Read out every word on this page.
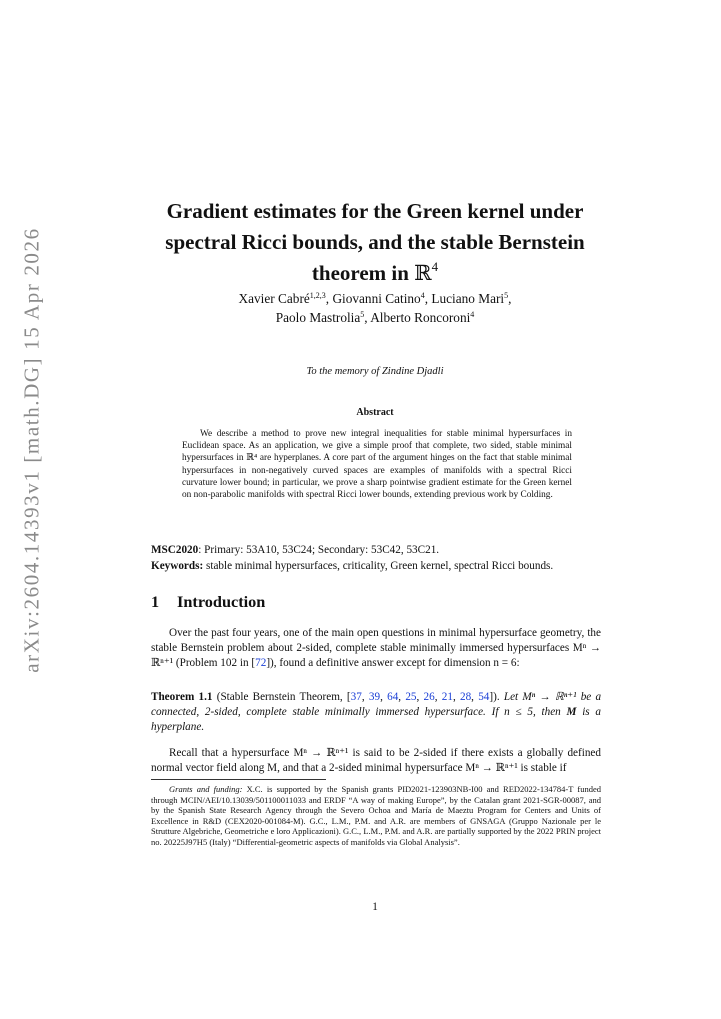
arXiv:2604.14393v1 [math.DG] 15 Apr 2026
Gradient estimates for the Green kernel under
spectral Ricci bounds, and the stable Bernstein
theorem in ℝ$^4$
Xavier Cabré$^{1,2,3}$, Giovanni Catino$^4$, Luciano Mari$^5$,
Paolo Mastrolia$^5$, Alberto Roncoroni$^4$
To the memory of Zindine Djadli
Abstract
We describe a method to prove new integral inequalities for stable minimal hypersurfaces in Euclidean space. As an application, we give a simple proof that complete, two sided, stable minimal hypersurfaces in ℝ⁴ are hyperplanes. A core part of the argument hinges on the fact that stable minimal hypersurfaces in non-negatively curved spaces are examples of manifolds with a spectral Ricci curvature lower bound; in particular, we prove a sharp pointwise gradient estimate for the Green kernel on non-parabolic manifolds with spectral Ricci lower bounds, extending previous work by Colding.
MSC2020: Primary: 53A10, 53C24; Secondary: 53C42, 53C21.
Keywords: stable minimal hypersurfaces, criticality, Green kernel, spectral Ricci bounds.
1 Introduction
Over the past four years, one of the main open questions in minimal hypersurface geometry, the stable Bernstein problem about 2-sided, complete stable minimally immersed hypersurfaces Mⁿ → ℝⁿ⁺¹ (Problem 102 in [72]), found a definitive answer except for dimension n = 6:
Theorem 1.1 (Stable Bernstein Theorem, [37, 39, 64, 25, 26, 21, 28, 54]). Let Mⁿ → ℝⁿ⁺¹ be a connected, 2-sided, complete stable minimally immersed hypersurface. If n ≤ 5, then M is a hyperplane.
Recall that a hypersurface Mⁿ → ℝⁿ⁺¹ is said to be 2-sided if there exists a globally defined normal vector field along M, and that a 2-sided minimal hypersurface Mⁿ → ℝⁿ⁺¹ is stable if
Grants and funding: X.C. is supported by the Spanish grants PID2021-123903NB-I00 and RED2022-134784-T funded through MCIN/AEI/10.13039/501100011033 and ERDF “A way of making Europe”, by the Catalan grant 2021-SGR-00087, and by the Spanish State Research Agency through the Severo Ochoa and María de Maeztu Program for Centers and Units of Excellence in R&D (CEX2020-001084-M). G.C., L.M., P.M. and A.R. are members of GNSAGA (Gruppo Nazionale per le Strutture Algebriche, Geometriche e loro Applicazioni). G.C., L.M., P.M. and A.R. are partially supported by the 2022 PRIN project no. 20225J97H5 (Italy) “Differential-geometric aspects of manifolds via Global Analysis”.
1
